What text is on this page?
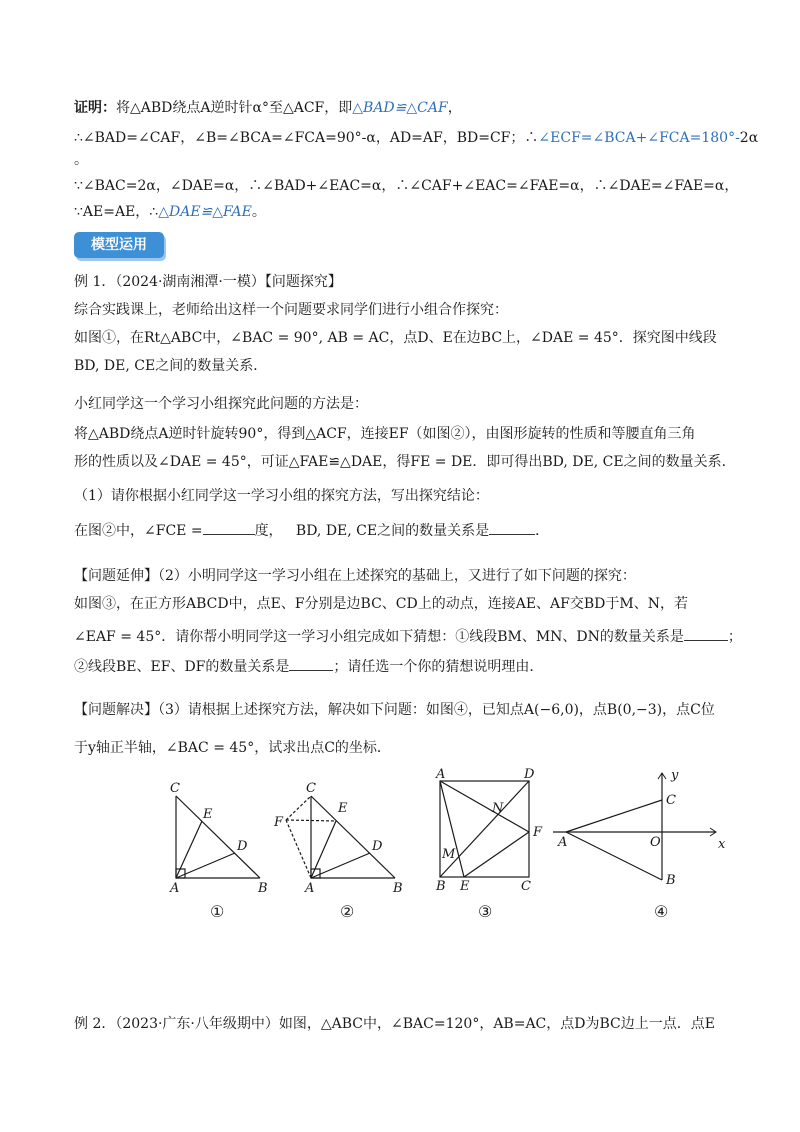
证明：将△ABD绕点A逆时针α°至△ACF，即△BAD≌△CAF，
∴∠BAD=∠CAF，∠B=∠BCA=∠FCA=90°-α，AD=AF，BD=CF；∴∠ECF=∠BCA+∠FCA=180°-2α
。
∵∠BAC=2α，∠DAE=α，∴∠BAD+∠EAC=α，∴∠CAF+∠EAC=∠FAE=α，∴∠DAE=∠FAE=α，
∵AE=AE，∴△DAE≌△FAE。
模型运用
例 1．（2024·湖南湘潭·一模）【问题探究】
综合实践课上，老师给出这样一个问题要求同学们进行小组合作探究：
如图①，在Rt△ABC中，∠BAC = 90°, AB = AC，点D、E在边BC上，∠DAE = 45°．探究图中线段
BD, DE, CE之间的数量关系．
小红同学这一个学习小组探究此问题的方法是：
将△ABD绕点A逆时针旋转90°，得到△ACF，连接EF（如图②），由图形旋转的性质和等腰直角三角
形的性质以及∠DAE = 45°，可证△FAE≌△DAE，得FE = DE．即可得出BD, DE, CE之间的数量关系．
（1）请你根据小红同学这一学习小组的探究方法，写出探究结论：
在图②中，∠FCE =	度， BD, DE, CE之间的数量关系是	．
【问题延伸】（2）小明同学这一学习小组在上述探究的基础上，又进行了如下问题的探究：
如图③，在正方形ABCD中，点E、F分别是边BC、CD上的动点，连接AE、AF交BD于M、N，若
∠EAF = 45°．请你帮小明同学这一学习小组完成如下猜想：①线段BM、MN、DN的数量关系是	；
②线段BE、EF、DF的数量关系是	；请任选一个你的猜想说明理由．
【问题解决】（3）请根据上述探究方法，解决如下问题：如图④，已知点A(−6,0)，点B(0,−3)，点C位
于y轴正半轴，∠BAC = 45°，试求出点C的坐标．
C
E
D
A	B
①
C
E
F
D
A	B
②
A	D
N
F
M
B E	C
③
y
C
A	O	x
B
④
例 2．（2023·广东·八年级期中）如图，△ABC中，∠BAC=120°，AB=AC，点D为BC边上一点．点E
